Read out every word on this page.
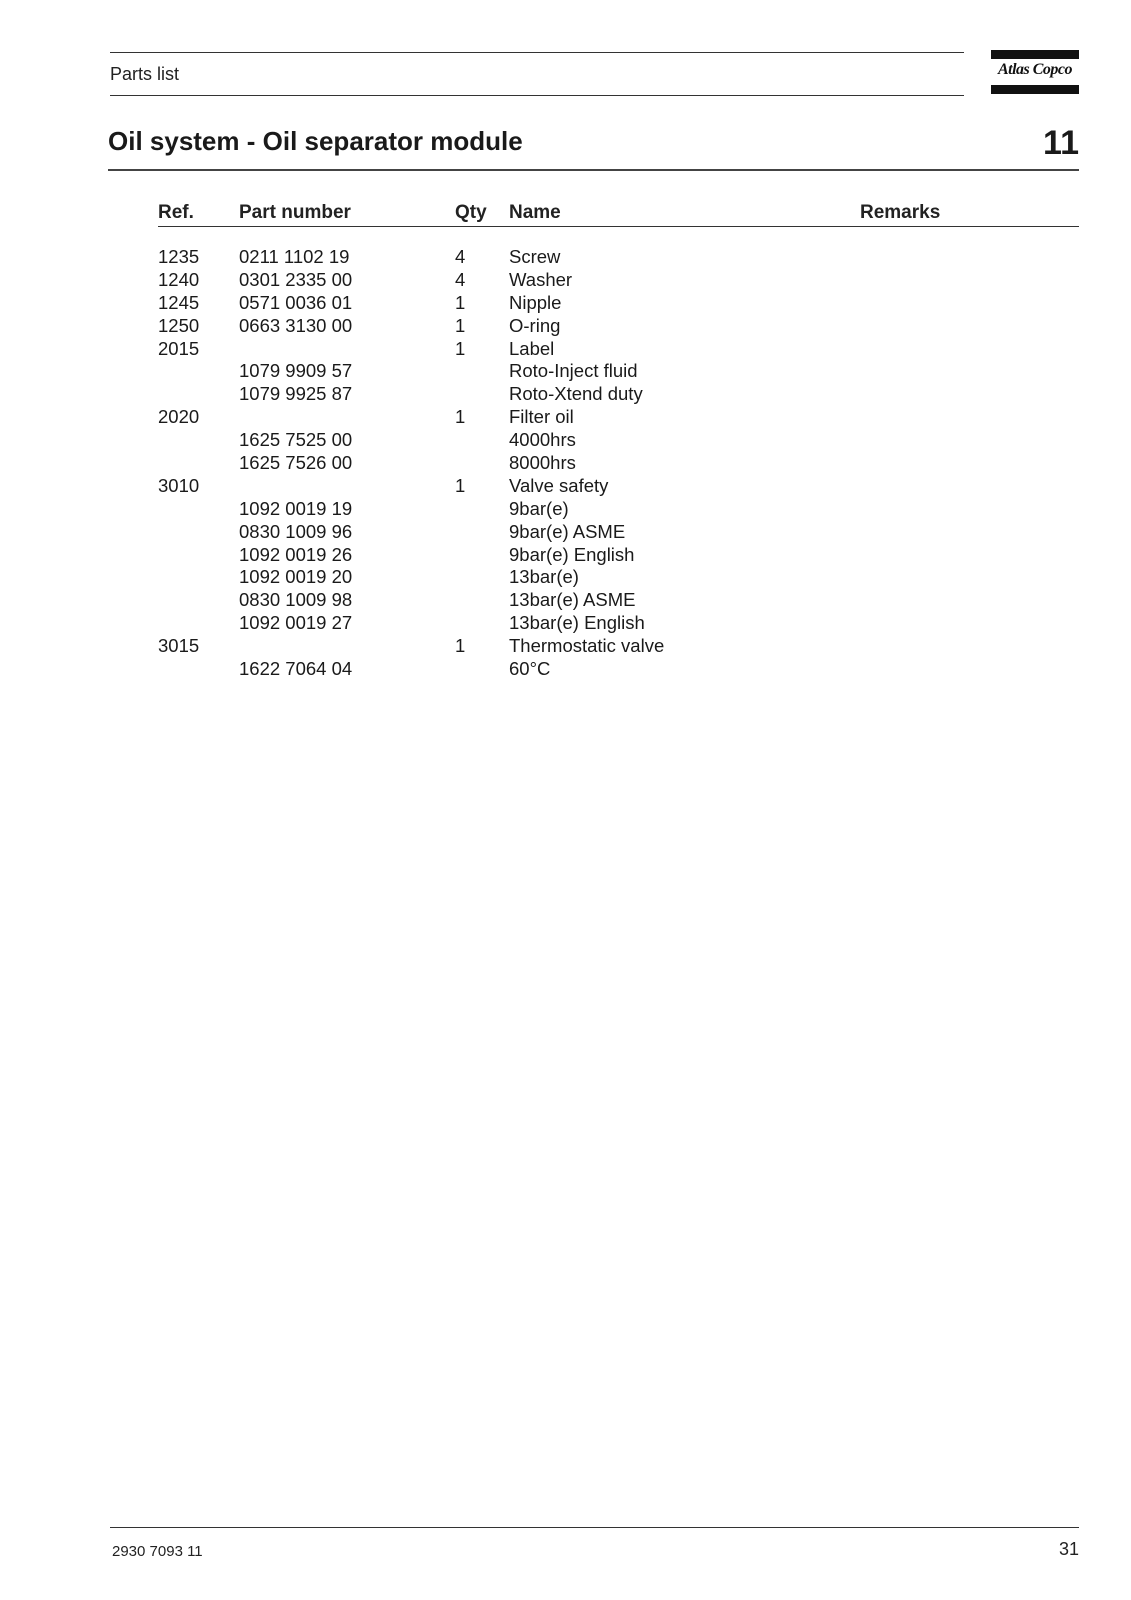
Parts list	Atlas Copco
Oil system - Oil separator module	11
Ref. Part number	Qty Name	Remarks
1235 0211 1102 19	4 Screw
1240 0301 2335 00	4 Washer
1245 0571 0036 01	1 Nipple
1250 0663 3130 00	1 O-ring
2015	1 Label
1079 9909 57	Roto-Inject fluid
1079 9925 87	Roto-Xtend duty
2020	1 Filter oil
1625 7525 00	4000hrs
1625 7526 00	8000hrs
3010	1 Valve safety
1092 0019 19	9bar(e)
0830 1009 96	9bar(e) ASME
1092 0019 26	9bar(e) English
1092 0019 20	13bar(e)
0830 1009 98	13bar(e) ASME
1092 0019 27	13bar(e) English
3015	1 Thermostatic valve
1622 7064 04	60°C
2930 7093 11	31
